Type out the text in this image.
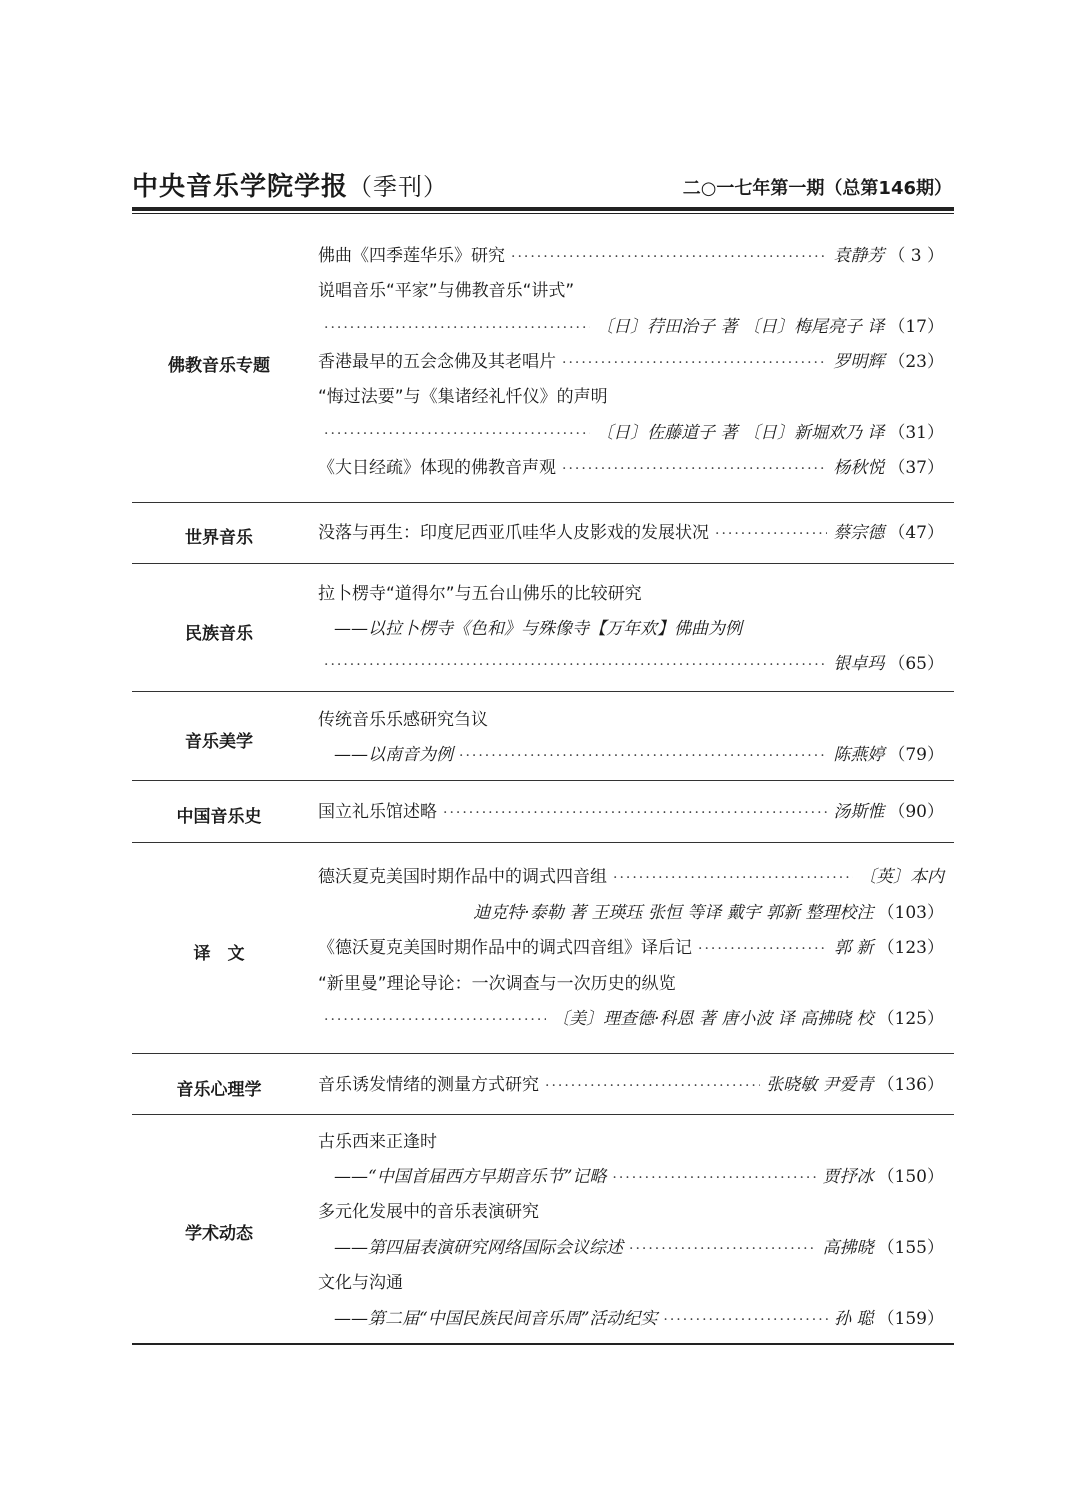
中央音乐学院学报（季刊）	二○一七年第一期（总第146期）
佛教音乐专题
佛曲《四季莲华乐》研究 ·····	袁静芳 （ 3 ）
说唱音乐“平家”与佛教音乐“讲式”
·····
〔日〕荇田治子 著 〔日〕梅尾亮子 译 （17）
香港最早的五会念佛及其老唱片 ·····	罗明辉 （23）
“悔过法要”与《集诸经礼忏仪》的声明
·····
〔日〕佐藤道子 著 〔日〕新堀欢乃 译 （31）
《大日经疏》体现的佛教音声观 ·····	杨秋悦 （37）
世界音乐	没落与再生：印度尼西亚爪哇华人皮影戏的发展状况 ·····	蔡宗德 （47）
民族音乐
拉卜楞寺“道得尔”与五台山佛乐的比较研究
——以拉卜楞寺《色和》与殊像寺【万年欢】佛曲为例
·····
银卓玛 （65）
音乐美学
传统音乐乐感研究刍议
——以南音为例 ·····	陈燕婷 （79）
中国音乐史	国立礼乐馆述略 ·····	汤斯惟 （90）
译　文
德沃夏克美国时期作品中的调式四音组 ·····	〔英〕本内
迪克特·泰勒 著 王瑛珏 张恒 等译 戴宇 郭新 整理校注 （103）
《德沃夏克美国时期作品中的调式四音组》译后记 ·····	郭 新 （123）
“新里曼”理论导论：一次调查与一次历史的纵览
·····
〔美〕理查德·科恩 著 唐小波 译 高拂晓 校 （125）
音乐心理学	音乐诱发情绪的测量方式研究 ·····	张晓敏 尹爱青 （136）
学术动态
古乐西来正逢时
——“中国首届西方早期音乐节”记略 ·····	贾抒冰 （150）
多元化发展中的音乐表演研究
——第四届表演研究网络国际会议综述 ·····	高拂晓 （155）
文化与沟通
——第二届“中国民族民间音乐周”活动纪实 ·····	孙 聪 （159）
